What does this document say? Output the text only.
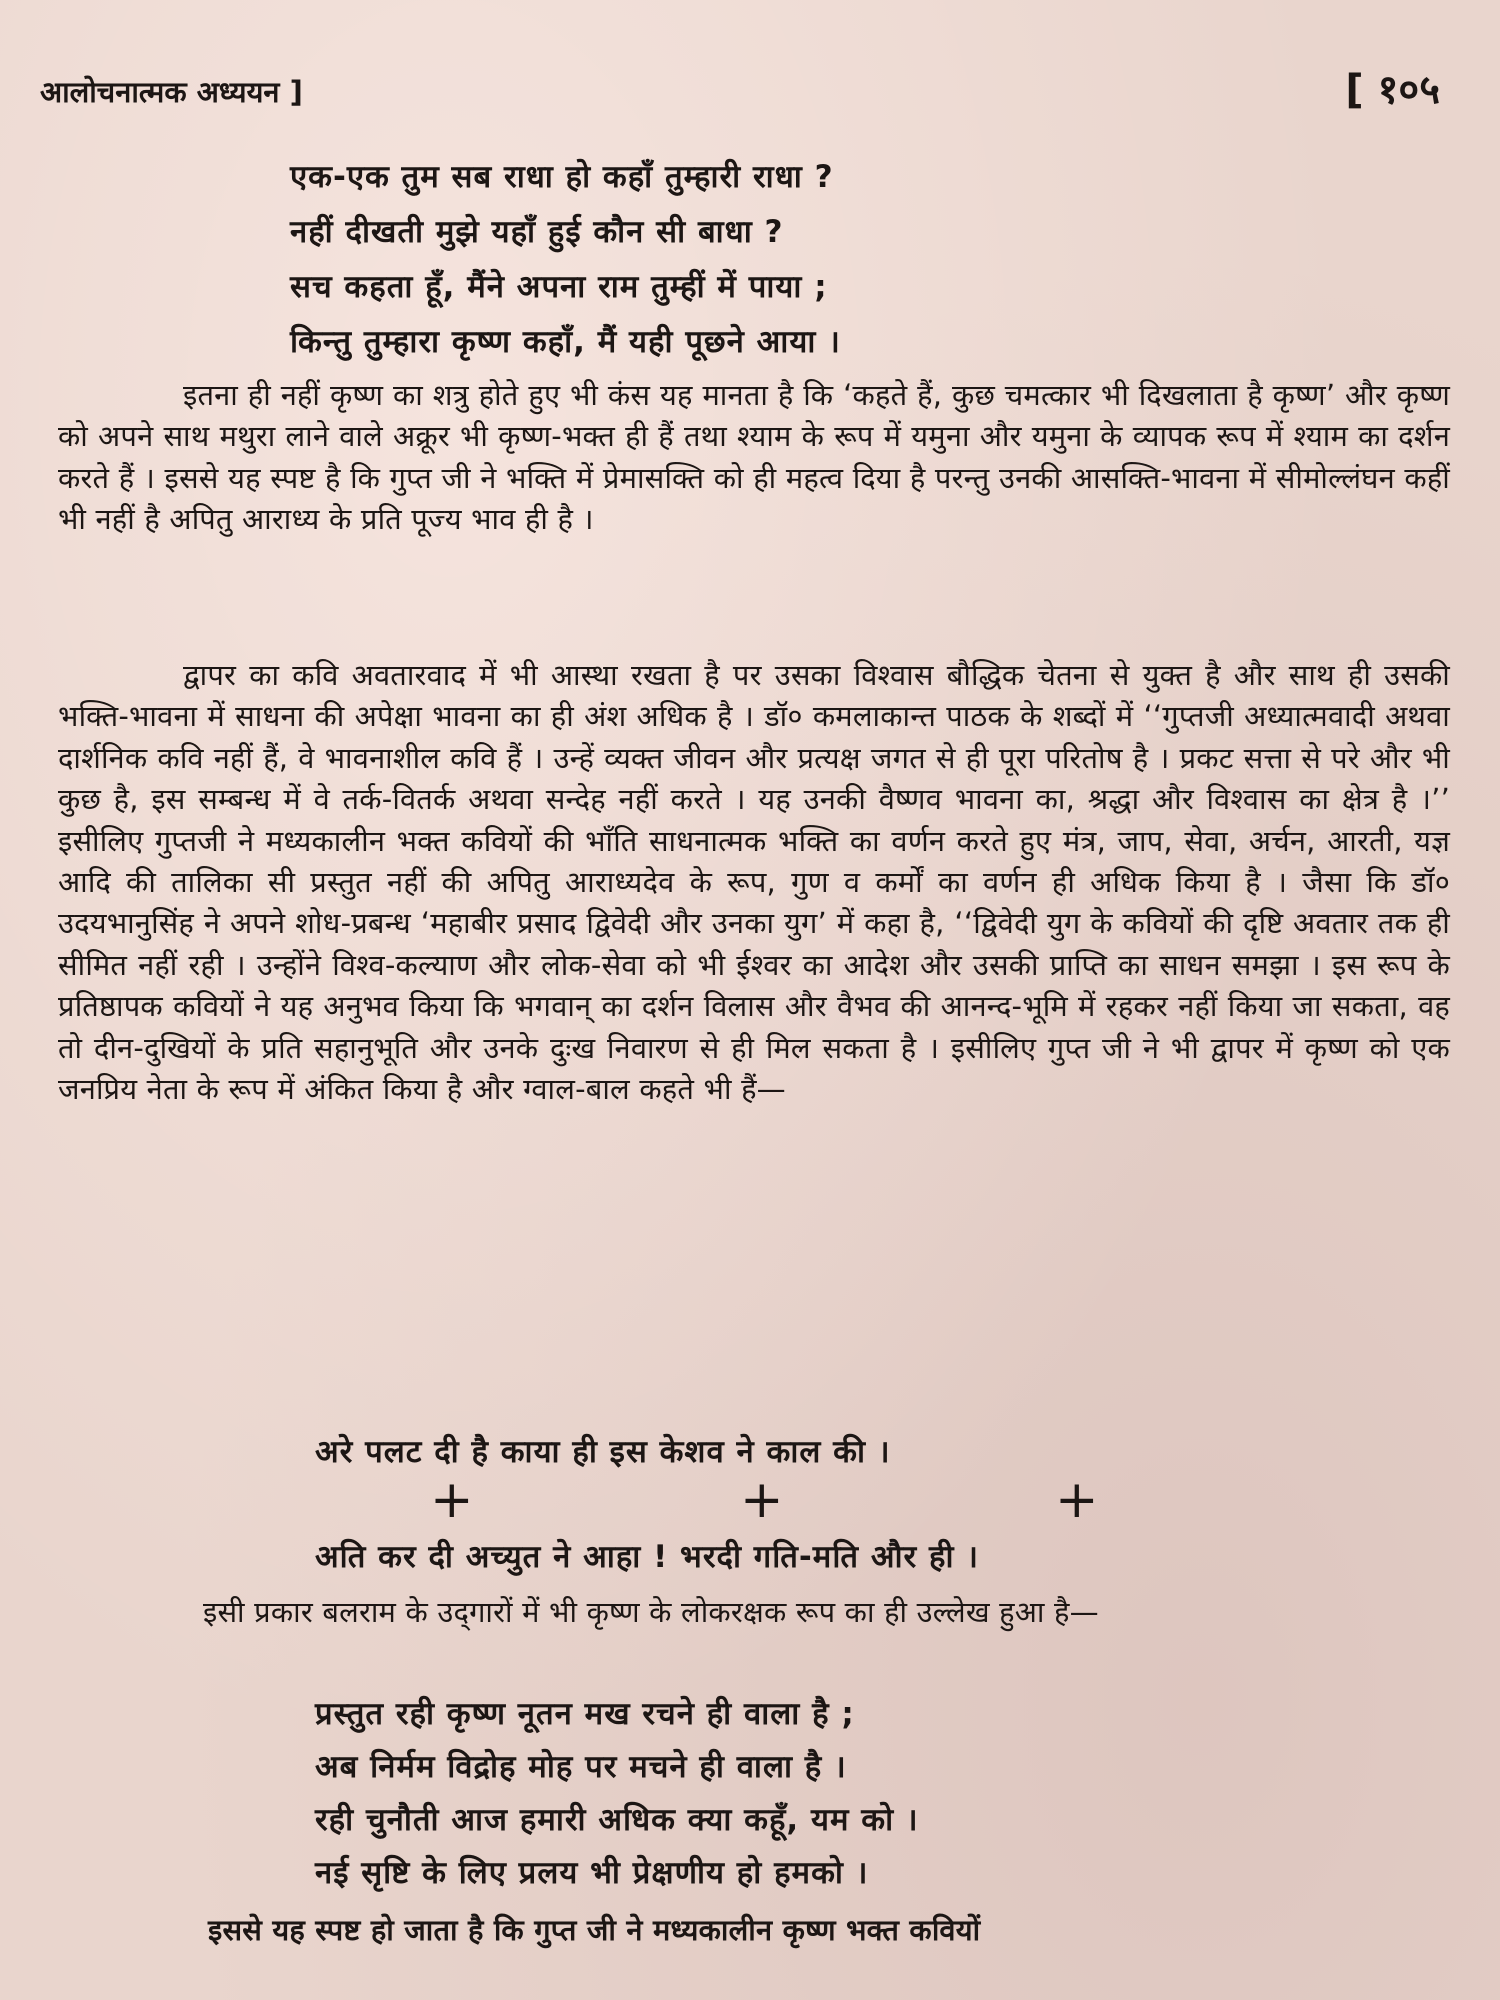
आलोचनात्मक अध्ययन ]	[ १०५
एक-एक तुम सब राधा हो कहाँ तुम्हारी राधा ?
नहीं दीखती मुझे यहाँ हुई कौन सी बाधा ?
सच कहता हूँ, मैंने अपना राम तुम्हीं में पाया ;
किन्तु तुम्हारा कृष्ण कहाँ, मैं यही पूछने आया ।
इतना ही नहीं कृष्ण का शत्रु होते हुए भी कंस यह मानता है कि ‘कहते हैं, कुछ चमत्कार भी दिखलाता है कृष्ण’ और कृष्ण को अपने साथ मथुरा लाने वाले अक्रूर भी कृष्ण-भक्त ही हैं तथा श्याम के रूप में यमुना और यमुना के व्यापक रूप में श्याम का दर्शन करते हैं । इससे यह स्पष्ट है कि गुप्त जी ने भक्ति में प्रेमासक्ति को ही महत्व दिया है परन्तु उनकी आसक्ति-भावना में सीमोल्लंघन कहीं भी नहीं है अपितु आराध्य के प्रति पूज्य भाव ही है ।
द्वापर का कवि अवतारवाद में भी आस्था रखता है पर उसका विश्वास बौद्धिक चेतना से युक्त है और साथ ही उसकी भक्ति-भावना में साधना की अपेक्षा भावना का ही अंश अधिक है । डॉ० कमलाकान्त पाठक के शब्दों में ‘‘गुप्तजी अध्यात्मवादी अथवा दार्शनिक कवि नहीं हैं, वे भावनाशील कवि हैं । उन्हें व्यक्त जीवन और प्रत्यक्ष जगत से ही पूरा परितोष है । प्रकट सत्ता से परे और भी कुछ है, इस सम्बन्ध में वे तर्क-वितर्क अथवा सन्देह नहीं करते । यह उनकी वैष्णव भावना का, श्रद्धा और विश्वास का क्षेत्र है ।’’ इसीलिए गुप्तजी ने मध्यकालीन भक्त कवियों की भाँति साधनात्मक भक्ति का वर्णन करते हुए मंत्र, जाप, सेवा, अर्चन, आरती, यज्ञ आदि की तालिका सी प्रस्तुत नहीं की अपितु आराध्यदेव के रूप, गुण व कर्मों का वर्णन ही अधिक किया है । जैसा कि डॉ० उदयभानुसिंह ने अपने शोध-प्रबन्ध ‘महाबीर प्रसाद द्विवेदी और उनका युग’ में कहा है, ‘‘द्विवेदी युग के कवियों की दृष्टि अवतार तक ही सीमित नहीं रही । उन्होंने विश्व-कल्याण और लोक-सेवा को भी ईश्वर का आदेश और उसकी प्राप्ति का साधन समझा । इस रूप के प्रतिष्ठापक कवियों ने यह अनुभव किया कि भगवान् का दर्शन विलास और वैभव की आनन्द-भूमि में रहकर नहीं किया जा सकता, वह तो दीन-दुखियों के प्रति सहानुभूति और उनके दुःख निवारण से ही मिल सकता है । इसीलिए गुप्त जी ने भी द्वापर में कृष्ण को एक जनप्रिय नेता के रूप में अंकित किया है और ग्वाल-बाल कहते भी हैं—
अरे पलट दी है काया ही इस केशव ने काल की ।
+	+	+
अति कर दी अच्युत ने आहा ! भरदी गति-मति और ही ।
इसी प्रकार बलराम के उद्‌गारों में भी कृष्ण के लोकरक्षक रूप का ही उल्लेख हुआ है—
प्रस्तुत रही कृष्ण नूतन मख रचने ही वाला है ;
अब निर्मम विद्रोह मोह पर मचने ही वाला है ।
रही चुनौती आज हमारी अधिक क्या कहूँ, यम को ।
नई सृष्टि के लिए प्रलय भी प्रेक्षणीय हो हमको ।
इससे यह स्पष्ट हो जाता है कि गुप्त जी ने मध्यकालीन कृष्ण भक्त कवियों
